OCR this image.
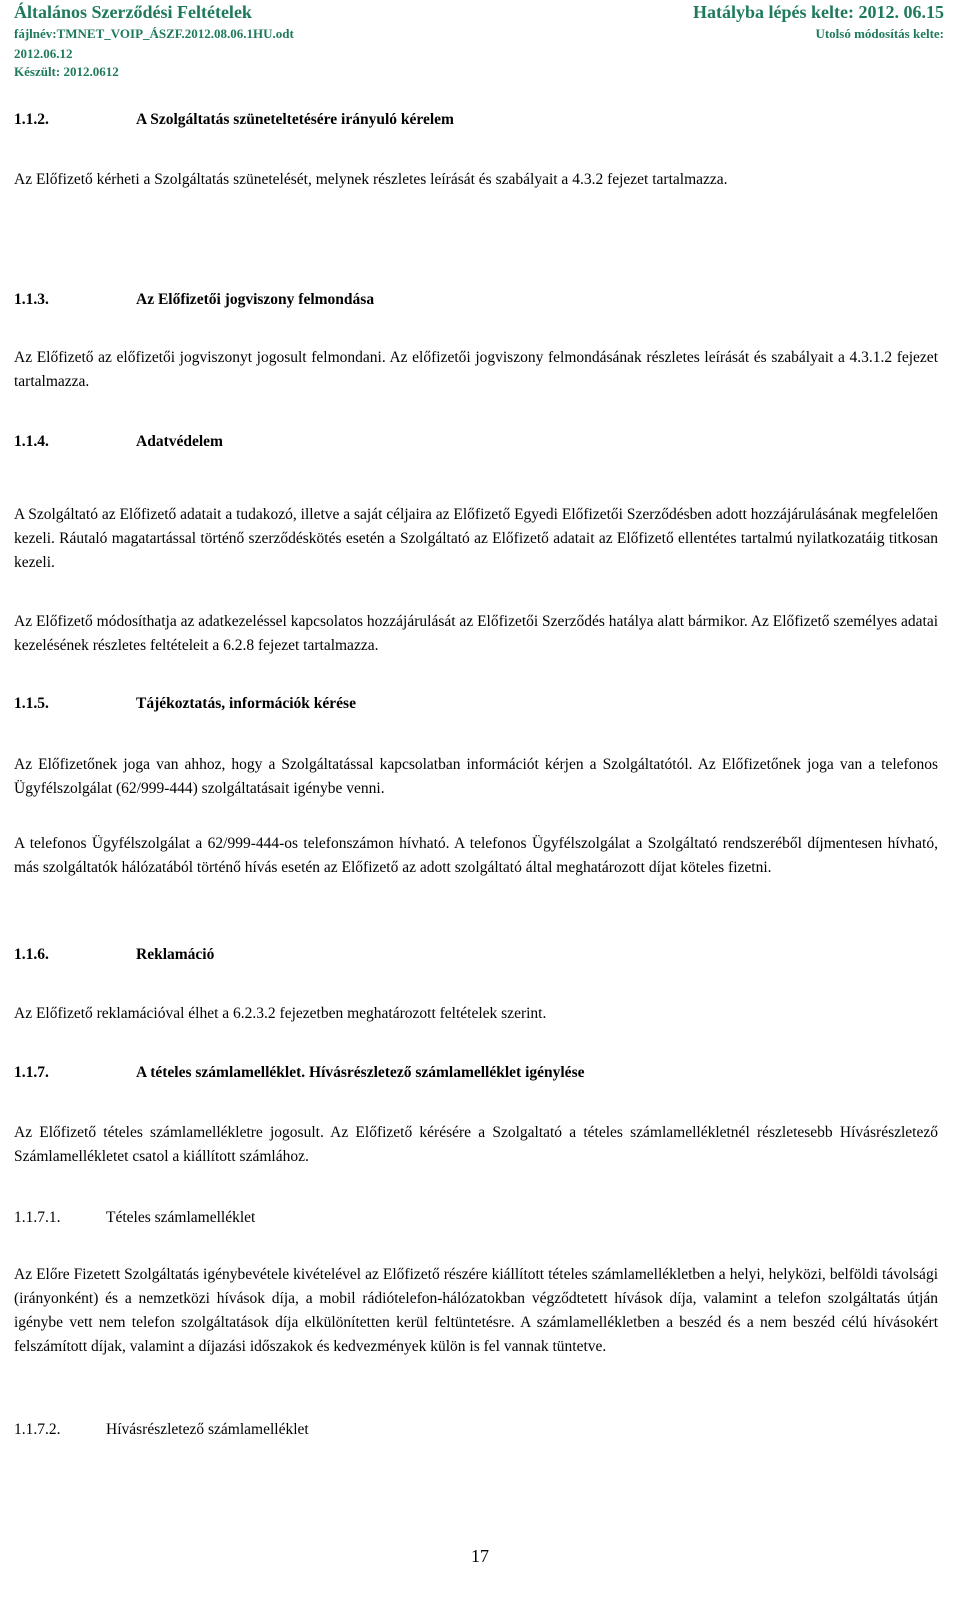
Általános Szerződési Feltételek	Hatályba lépés kelte: 2012. 06.15
fájlnév:TMNET_VOIP_ÁSZF.2012.08.06.1HU.odt	Utolsó módosítás kelte:
2012.06.12
Készült: 2012.0612
1.1.2.	A Szolgáltatás szüneteltetésére irányuló kérelem
Az Előfizető kérheti a Szolgáltatás szünetelését, melynek részletes leírását és szabályait a 4.3.2 fejezet tartalmazza.
1.1.3.	Az Előfizetői jogviszony felmondása
Az Előfizető az előfizetői jogviszonyt jogosult felmondani. Az előfizetői jogviszony felmondásának részletes leírását és szabályait a 4.3.1.2 fejezet tartalmazza.
1.1.4.	Adatvédelem
A Szolgáltató az Előfizető adatait a tudakozó, illetve a saját céljaira az Előfizető Egyedi Előfizetői Szerződésben adott hozzájárulásának megfelelően kezeli. Ráutaló magatartással történő szerződéskötés esetén a Szolgáltató az Előfizető adatait az Előfizető ellentétes tartalmú nyilatkozatáig titkosan kezeli.
Az Előfizető módosíthatja az adatkezeléssel kapcsolatos hozzájárulását az Előfizetői Szerződés hatálya alatt bármikor. Az Előfizető személyes adatai kezelésének részletes feltételeit a 6.2.8 fejezet tartalmazza.
1.1.5.	Tájékoztatás, információk kérése
Az Előfizetőnek joga van ahhoz, hogy a Szolgáltatással kapcsolatban információt kérjen a Szolgáltatótól. Az Előfizetőnek joga van a telefonos Ügyfélszolgálat (62/999-444) szolgáltatásait igénybe venni.
A telefonos Ügyfélszolgálat a 62/999-444-os telefonszámon hívható. A telefonos Ügyfélszolgálat a Szolgáltató rendszeréből díjmentesen hívható, más szolgáltatók hálózatából történő hívás esetén az Előfizető az adott szolgáltató által meghatározott díjat köteles fizetni.
1.1.6.	Reklamáció
Az Előfizető reklamációval élhet a 6.2.3.2 fejezetben meghatározott feltételek szerint.
1.1.7.	A tételes számlamelléklet. Hívásrészletező számlamelléklet igénylése
Az Előfizető tételes számlamellékletre jogosult. Az Előfizető kérésére a Szolgaltató a tételes számlamellékletnél részletesebb Hívásrészletező Számlamellékletet csatol a kiállított számlához.
1.1.7.1.	Tételes számlamelléklet
Az Előre Fizetett Szolgáltatás igénybevétele kivételével az Előfizető részére kiállított tételes számlamellékletben a helyi, helyközi, belföldi távolsági (irányonként) és a nemzetközi hívások díja, a mobil rádiótelefon-hálózatokban végződtetett hívások díja, valamint a telefon szolgáltatás útján igénybe vett nem telefon szolgáltatások díja elkülönítetten kerül feltüntetésre. A számlamellékletben a beszéd és a nem beszéd célú hívásokért felszámított díjak, valamint a díjazási időszakok és kedvezmények külön is fel vannak tüntetve.
1.1.7.2.	Hívásrészletező számlamelléklet
17
